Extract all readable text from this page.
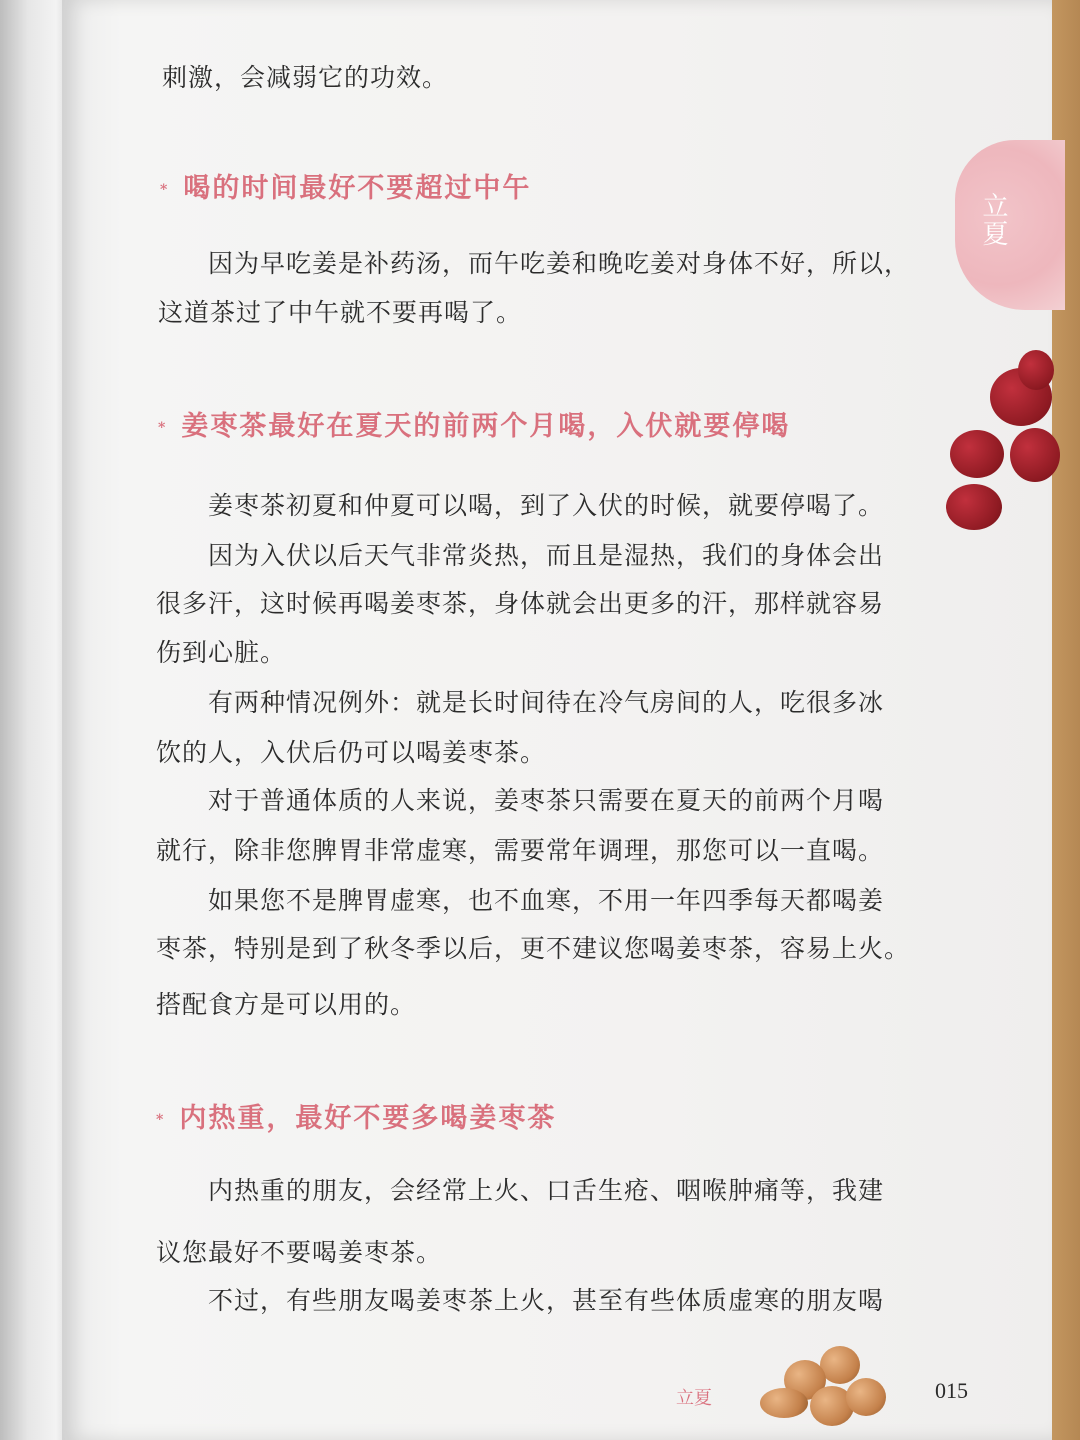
立夏
刺激，会减弱它的功效。
* 喝的时间最好不要超过中午
因为早吃姜是补药汤，而午吃姜和晚吃姜对身体不好，所以，
这道茶过了中午就不要再喝了。
* 姜枣茶最好在夏天的前两个月喝，入伏就要停喝
姜枣茶初夏和仲夏可以喝，到了入伏的时候，就要停喝了。
因为入伏以后天气非常炎热，而且是湿热，我们的身体会出
很多汗，这时候再喝姜枣茶，身体就会出更多的汗，那样就容易
伤到心脏。
有两种情况例外：就是长时间待在冷气房间的人，吃很多冰
饮的人，入伏后仍可以喝姜枣茶。
对于普通体质的人来说，姜枣茶只需要在夏天的前两个月喝
就行，除非您脾胃非常虚寒，需要常年调理，那您可以一直喝。
如果您不是脾胃虚寒，也不血寒，不用一年四季每天都喝姜
枣茶，特别是到了秋冬季以后，更不建议您喝姜枣茶，容易上火。
搭配食方是可以用的。
* 内热重，最好不要多喝姜枣茶
内热重的朋友，会经常上火、口舌生疮、咽喉肿痛等，我建
议您最好不要喝姜枣茶。
不过，有些朋友喝姜枣茶上火，甚至有些体质虚寒的朋友喝
立夏	015
